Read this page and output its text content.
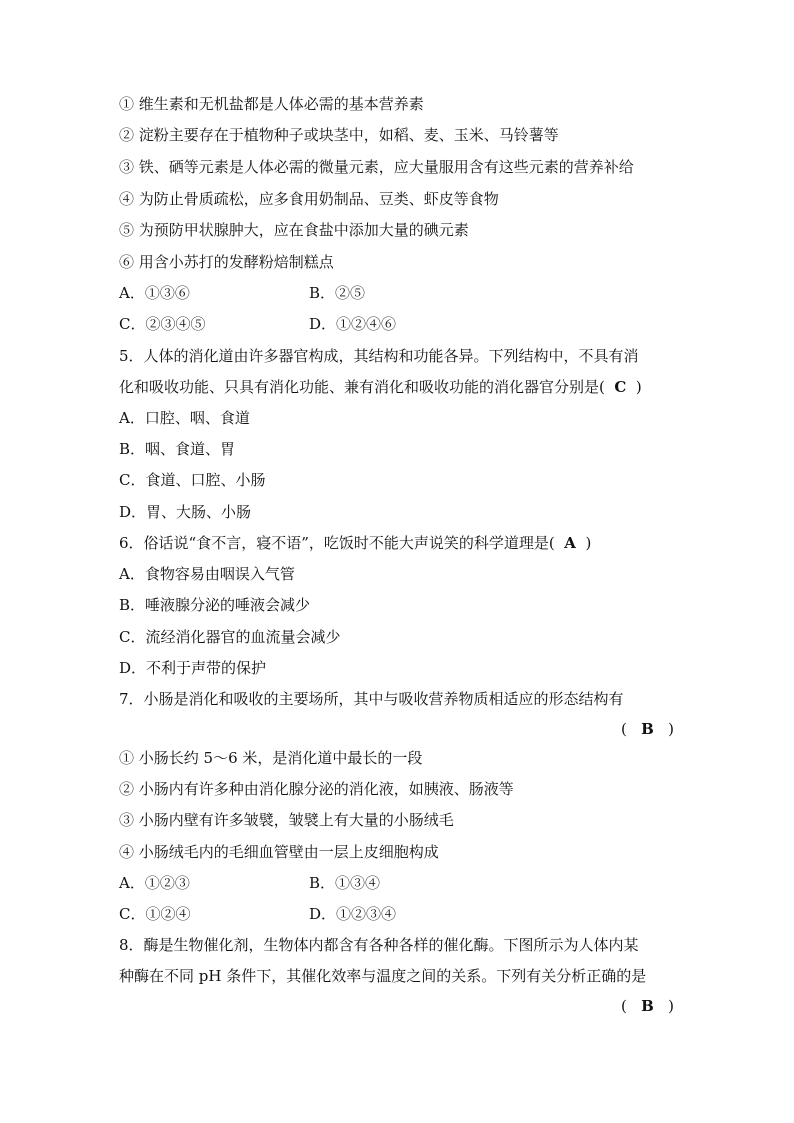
① 维生素和无机盐都是人体必需的基本营养素
② 淀粉主要存在于植物种子或块茎中，如稻、麦、玉米、马铃薯等
③ 铁、硒等元素是人体必需的微量元素，应大量服用含有这些元素的营养补给
④ 为防止骨质疏松，应多食用奶制品、豆类、虾皮等食物
⑤ 为预防甲状腺肿大，应在食盐中添加大量的碘元素
⑥ 用含小苏打的发酵粉焙制糕点
A．①③⑥	B．②⑤
C．②③④⑤	D．①②④⑥
5．人体的消化道由许多器官构成，其结构和功能各异。下列结构中，不具有消
化和吸收功能、只具有消化功能、兼有消化和吸收功能的消化器官分别是( C )
A．口腔、咽、食道
B．咽、食道、胃
C．食道、口腔、小肠
D．胃、大肠、小肠
6．俗话说“食不言，寝不语”，吃饭时不能大声说笑的科学道理是( A )
A．食物容易由咽误入气管
B．唾液腺分泌的唾液会减少
C．流经消化器官的血流量会减少
D．不利于声带的保护
7．小肠是消化和吸收的主要场所，其中与吸收营养物质相适应的形态结构有
( B )
① 小肠长约 5～6 米，是消化道中最长的一段
② 小肠内有许多种由消化腺分泌的消化液，如胰液、肠液等
③ 小肠内壁有许多皱襞，皱襞上有大量的小肠绒毛
④ 小肠绒毛内的毛细血管壁由一层上皮细胞构成
A．①②③	B．①③④
C．①②④	D．①②③④
8．酶是生物催化剂，生物体内都含有各种各样的催化酶。下图所示为人体内某
种酶在不同 pH 条件下，其催化效率与温度之间的关系。下列有关分析正确的是
( B )
